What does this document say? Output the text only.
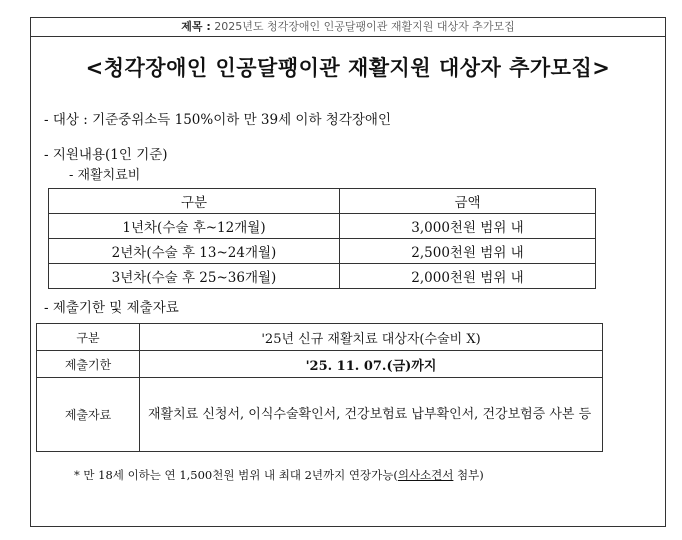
제목 : 2025년도 청각장애인 인공달팽이관 재활지원 대상자 추가모집
<청각장애인 인공달팽이관 재활지원 대상자 추가모집>
- 대상 : 기준중위소득 150%이하 만 39세 이하 청각장애인
- 지원내용(1인 기준)
- 재활치료비
구분	금액
1년차(수술 후~12개월)	3,000천원 범위 내
2년차(수술 후 13~24개월)	2,500천원 범위 내
3년차(수술 후 25~36개월)	2,000천원 범위 내
- 제출기한 및 제출자료
구분	'25년 신규 재활치료 대상자(수술비 X)
제출기한	'25. 11. 07.(금)까지
제출자료	재활치료 신청서, 이식수술확인서, 건강보험료 납부확인서, 건강보험증 사본 등
* 만 18세 이하는 연 1,500천원 범위 내 최대 2년까지 연장가능(의사소견서 첨부)
